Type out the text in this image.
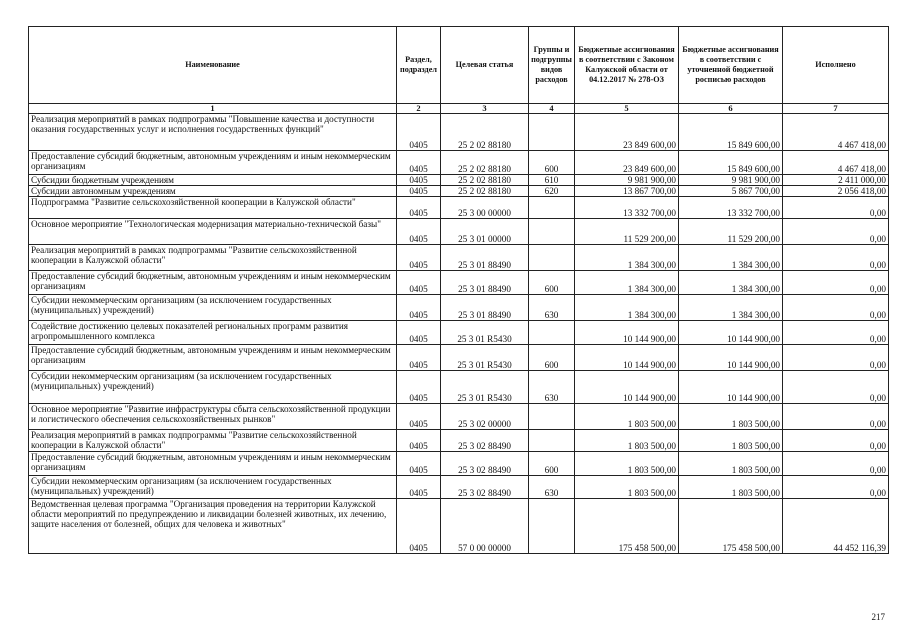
Наименование	Раздел, подраздел	Целевая статья	Группы и подгруппы видов расходов	Бюджетные ассигнования в соответствии с Законом Калужской области от 04.12.2017 № 278-ОЗ	Бюджетные ассигнования в соответствии с уточненной бюджетной росписью расходов	Исполнено
1	2	3	4	5	6	7
Реализация мероприятий в рамках подпрограммы "Повышение качества и доступности оказания государственных услуг и исполнения государственных функций"	0405	25 2 02 88180		23 849 600,00	15 849 600,00	4 467 418,00
Предоставление субсидий бюджетным, автономным учреждениям и иным некоммерческим организациям	0405	25 2 02 88180	600	23 849 600,00	15 849 600,00	4 467 418,00
Субсидии бюджетным учреждениям	0405	25 2 02 88180	610	9 981 900,00	9 981 900,00	2 411 000,00
Субсидии автономным учреждениям	0405	25 2 02 88180	620	13 867 700,00	5 867 700,00	2 056 418,00
Подпрограмма "Развитие сельскохозяйственной кооперации в Калужской области"	0405	25 3 00 00000		13 332 700,00	13 332 700,00	0,00
Основное мероприятие "Технологическая модернизация материально-технической базы"	0405	25 3 01 00000		11 529 200,00	11 529 200,00	0,00
Реализация мероприятий в рамках подпрограммы "Развитие сельскохозяйственной кооперации в Калужской области"	0405	25 3 01 88490		1 384 300,00	1 384 300,00	0,00
Предоставление субсидий бюджетным, автономным учреждениям и иным некоммерческим организациям	0405	25 3 01 88490	600	1 384 300,00	1 384 300,00	0,00
Субсидии некоммерческим организациям (за исключением государственных (муниципальных) учреждений)	0405	25 3 01 88490	630	1 384 300,00	1 384 300,00	0,00
Содействие достижению целевых показателей региональных программ развития агропромышленного комплекса	0405	25 3 01 R5430		10 144 900,00	10 144 900,00	0,00
Предоставление субсидий бюджетным, автономным учреждениям и иным некоммерческим организациям	0405	25 3 01 R5430	600	10 144 900,00	10 144 900,00	0,00
Субсидии некоммерческим организациям (за исключением государственных (муниципальных) учреждений)	0405	25 3 01 R5430	630	10 144 900,00	10 144 900,00	0,00
Основное мероприятие "Развитие инфраструктуры сбыта сельскохозяйственной продукции и логистического обеспечения сельскохозяйственных рынков"	0405	25 3 02 00000		1 803 500,00	1 803 500,00	0,00
Реализация мероприятий в рамках подпрограммы "Развитие сельскохозяйственной кооперации в Калужской области"	0405	25 3 02 88490		1 803 500,00	1 803 500,00	0,00
Предоставление субсидий бюджетным, автономным учреждениям и иным некоммерческим организациям	0405	25 3 02 88490	600	1 803 500,00	1 803 500,00	0,00
Субсидии некоммерческим организациям (за исключением государственных (муниципальных) учреждений)	0405	25 3 02 88490	630	1 803 500,00	1 803 500,00	0,00
Ведомственная целевая программа "Организация проведения на территории Калужской области мероприятий по предупреждению и ликвидации болезней животных, их лечению, защите населения от болезней, общих для человека и животных"	0405	57 0 00 00000		175 458 500,00	175 458 500,00	44 452 116,39
217
